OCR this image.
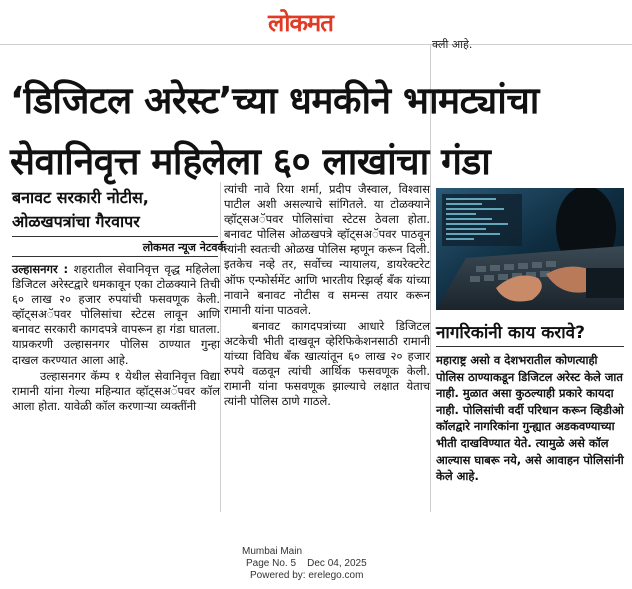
लोकमत
क्ली आहे.
‘डिजिटल अरेस्ट’च्या धमकीने भामट्यांचा
सेवानिवृत्त महिलेला ६० लाखांचा गंडा
बनावट सरकारी नोटीस,
ओळखपत्रांचा गैरवापर
लोकमत न्यूज नेटवर्क

उल्हासनगर : शहरातील सेवानिवृत्त वृद्ध महिलेला डिजिटल अरेस्टद्वारे धमकावून एका टोळक्याने तिची ६० लाख २० हजार रुपयांची फसवणूक केली. व्हॉट्सअॅपवर पोलिसांचा स्टेटस लावून आणि बनावट सरकारी कागदपत्रे वापरून हा गंडा घातला. याप्रकरणी उल्हासनगर पोलिस ठाण्यात गुन्हा दाखल करण्यात आला आहे.

उल्हासनगर कॅम्प १ येथील सेवानिवृत्त विद्या रामानी यांना गेल्या महिन्यात व्हॉट्सअॅपवर कॉल आला होता. यावेळी कॉल करणाऱ्या व्यक्तींनी

त्यांची नावे रिया शर्मा, प्रदीप जैस्वाल, विश्वास पाटील अशी असल्याचे सांगितले. या टोळक्याने व्हॉट्सअॅपवर पोलिसांचा स्टेटस ठेवला होता. बनावट पोलिस ओळखपत्रे व्हॉट्सअॅपवर पाठवून त्यांनी स्वतःची ओळख पोलिस म्हणून करून दिली. इतकेच नव्हे तर, सर्वोच्च न्यायालय, डायरेक्टरेट ऑफ एन्फोर्समेंट आणि भारतीय रिझर्व्ह बँक यांच्या नावाने बनावट नोटीस व समन्स तयार करून रामानी यांना पाठवले.

बनावट कागदपत्रांच्या आधारे डिजिटल अटकेची भीती दाखवून व्हेरिफिकेशनसाठी रामानी यांच्या विविध बँक खात्यांतून ६० लाख २० हजार रुपये वळवून त्यांची आर्थिक फसवणूक केली. रामानी यांना फसवणूक झाल्याचे लक्षात येताच त्यांनी पोलिस ठाणे गाठले.

नागरिकांनी काय करावे?
महाराष्ट्र असो व देशभरातील कोणत्याही पोलिस ठाण्याकडून डिजिटल अरेस्ट केले जात नाही. मुळात असा कुठल्याही प्रकारे कायदा नाही. पोलिसांची वर्दी परिधान करून व्हिडीओ कॉलद्वारे नागरिकांना गुन्ह्यात अडकवण्याच्या भीती दाखविण्यात येते. त्यामुळे असे कॉल आल्यास घाबरू नये, असे आवाहन पोलिसांनी केले आहे.
Mumbai Main
Page No. 5    Dec 04, 2025
Powered by: erelego.com
